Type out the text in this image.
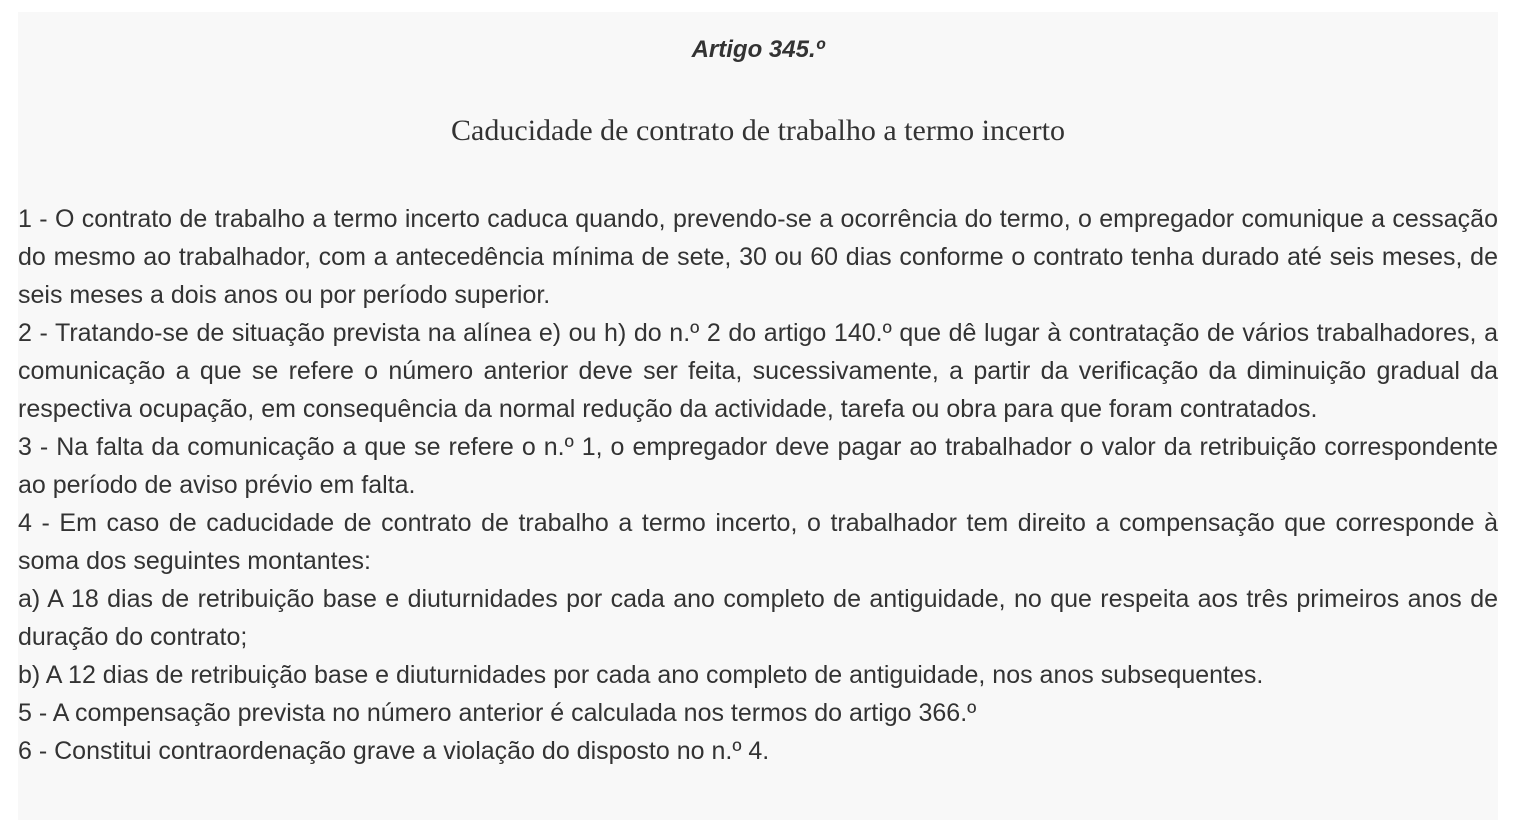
Artigo 345.º
Caducidade de contrato de trabalho a termo incerto

1 - O contrato de trabalho a termo incerto caduca quando, prevendo-se a ocorrência do termo, o empregador comunique a cessação do mesmo ao trabalhador, com a antecedência mínima de sete, 30 ou 60 dias conforme o contrato tenha durado até seis meses, de seis meses a dois anos ou por período superior.

2 - Tratando-se de situação prevista na alínea e) ou h) do n.º 2 do artigo 140.º que dê lugar à contratação de vários trabalhadores, a comunicação a que se refere o número anterior deve ser feita, sucessivamente, a partir da verificação da diminuição gradual da respectiva ocupação, em consequência da normal redução da actividade, tarefa ou obra para que foram contratados.

3 - Na falta da comunicação a que se refere o n.º 1, o empregador deve pagar ao trabalhador o valor da retribuição correspondente ao período de aviso prévio em falta.

4 - Em caso de caducidade de contrato de trabalho a termo incerto, o trabalhador tem direito a compensação que corresponde à soma dos seguintes montantes:

a) A 18 dias de retribuição base e diuturnidades por cada ano completo de antiguidade, no que respeita aos três primeiros anos de duração do contrato;

b) A 12 dias de retribuição base e diuturnidades por cada ano completo de antiguidade, nos anos subsequentes.

5 - A compensação prevista no número anterior é calculada nos termos do artigo 366.º

6 - Constitui contraordenação grave a violação do disposto no n.º 4.
